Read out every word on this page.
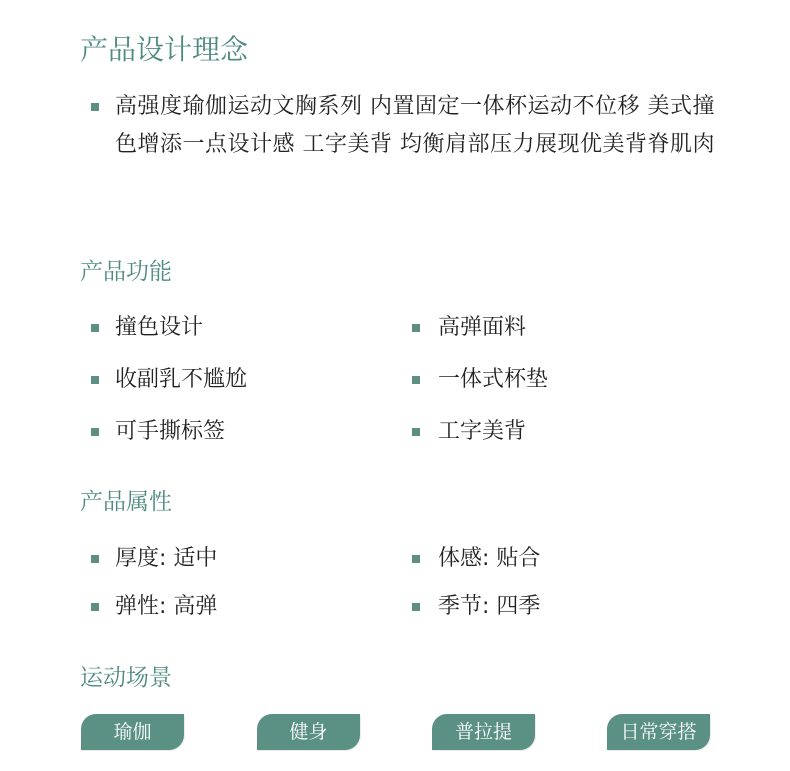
产品设计理念

高强度瑜伽运动文胸系列 内置固定一体杯运动不位移 美式撞色增添一点设计感 工字美背 均衡肩部压力展现优美背脊肌肉

产品功能
撞色设计	高弹面料
收副乳不尴尬	一体式杯垫
可手撕标签	工字美背
产品属性
厚度: 适中	体感: 贴合
弹性: 高弹	季节: 四季
运动场景
瑜伽	健身	普拉提	日常穿搭
